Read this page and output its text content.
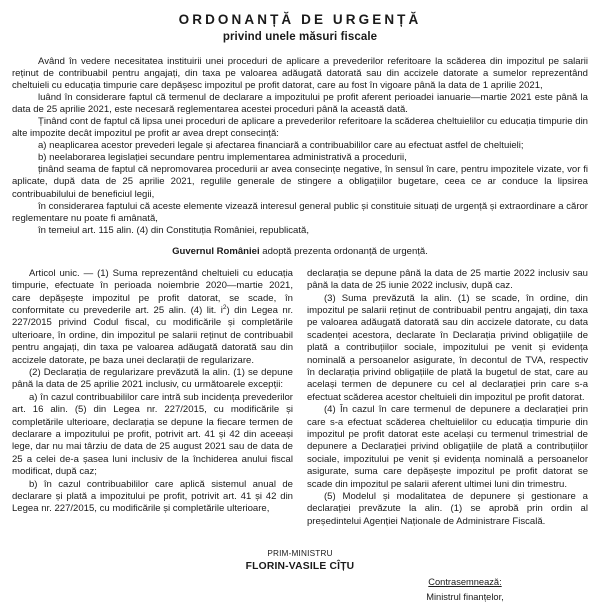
ORDONANȚĂ DE URGENȚĂ
privind unele măsuri fiscale

Având în vedere necesitatea instituirii unei proceduri de aplicare a prevederilor referitoare la scăderea din impozitul pe salarii reținut de contribuabil pentru angajați, din taxa pe valoarea adăugată datorată sau din accizele datorate a sumelor reprezentând cheltuieli cu educația timpurie care depășesc impozitul pe profit datorat, care au fost în vigoare până la data de 1 aprilie 2021,

luând în considerare faptul că termenul de declarare a impozitului pe profit aferent perioadei ianuarie—martie 2021 este până la data de 25 aprilie 2021, este necesară reglementarea acestei proceduri până la această dată.

Ținând cont de faptul că lipsa unei proceduri de aplicare a prevederilor referitoare la scăderea cheltuielilor cu educația timpurie din alte impozite decât impozitul pe profit ar avea drept consecință:

a) neaplicarea acestor prevederi legale și afectarea financiară a contribuabililor care au efectuat astfel de cheltuieli;

b) neelaborarea legislației secundare pentru implementarea administrativă a procedurii,

ținând seama de faptul că nepromovarea procedurii ar avea consecințe negative, în sensul în care, pentru impozitele vizate, vor fi aplicate, după data de 25 aprilie 2021, regulile generale de stingere a obligațiilor bugetare, ceea ce ar conduce la lipsirea contribuabilului de beneficiul legii,

în considerarea faptului că aceste elemente vizează interesul general public și constituie situați de urgență și extraordinare a căror reglementare nu poate fi amânată,

în temeiul art. 115 alin. (4) din Constituția României, republicată,

Guvernul României adoptă prezenta ordonanță de urgență.

Articol unic. — (1) Suma reprezentând cheltuieli cu educația timpurie, efectuate în perioada noiembrie 2020—martie 2021, care depășește impozitul pe profit datorat, se scade, în conformitate cu prevederile art. 25 alin. (4) lit. $i^2$) din Legea nr. 227/2015 privind Codul fiscal, cu modificările și completările ulterioare, în ordine, din impozitul pe salarii reținut de contribuabil pentru angajați, din taxa pe valoarea adăugată datorată sau din accizele datorate, pe baza unei declarații de regularizare.

(2) Declarația de regularizare prevăzută la alin. (1) se depune până la data de 25 aprilie 2021 inclusiv, cu următoarele excepții:

a) în cazul contribuabililor care intră sub incidența prevederilor art. 16 alin. (5) din Legea nr. 227/2015, cu modificările și completările ulterioare, declarația se depune la fiecare termen de declarare a impozitului pe profit, potrivit art. 41 și 42 din aceeași lege, dar nu mai târziu de data de 25 august 2021 sau de data de 25 a celei de-a șasea luni inclusiv de la închiderea anului fiscal modificat, după caz;

b) în cazul contribuabililor care aplică sistemul anual de declarare și plată a impozitului pe profit, potrivit art. 41 și 42 din Legea nr. 227/2015, cu modificările și completările ulterioare,

declarația se depune până la data de 25 martie 2022 inclusiv sau până la data de 25 iunie 2022 inclusiv, după caz.

(3) Suma prevăzută la alin. (1) se scade, în ordine, din impozitul pe salarii reținut de contribuabil pentru angajați, din taxa pe valoarea adăugată datorată sau din accizele datorate, cu data scadenței acestora, declarate în Declarația privind obligațiile de plată a contribuțiilor sociale, impozitului pe venit și evidența nominală a persoanelor asigurate, în decontul de TVA, respectiv în declarația privind obligațiile de plată la bugetul de stat, care au același termen de depunere cu cel al declarației prin care s-a efectuat scăderea acestor cheltuieli din impozitul pe profit datorat.

(4) În cazul în care termenul de depunere a declarației prin care s-a efectuat scăderea cheltuielilor cu educația timpurie din impozitul pe profit datorat este același cu termenul trimestrial de depunere a Declarației privind obligațiile de plată a contribuțiilor sociale, impozitului pe venit și evidența nominală a persoanelor asigurate, suma care depășește impozitul pe profit datorat se scade din impozitul pe salarii aferent ultimei luni din trimestru.

(5) Modelul și modalitatea de depunere și gestionare a declarației prevăzute la alin. (1) se aprobă prin ordin al președintelui Agenției Naționale de Administrare Fiscală.

PRIM-MINISTRU

FLORIN-VASILE CÎȚU

Contrasemnează:

Ministrul finanțelor,
